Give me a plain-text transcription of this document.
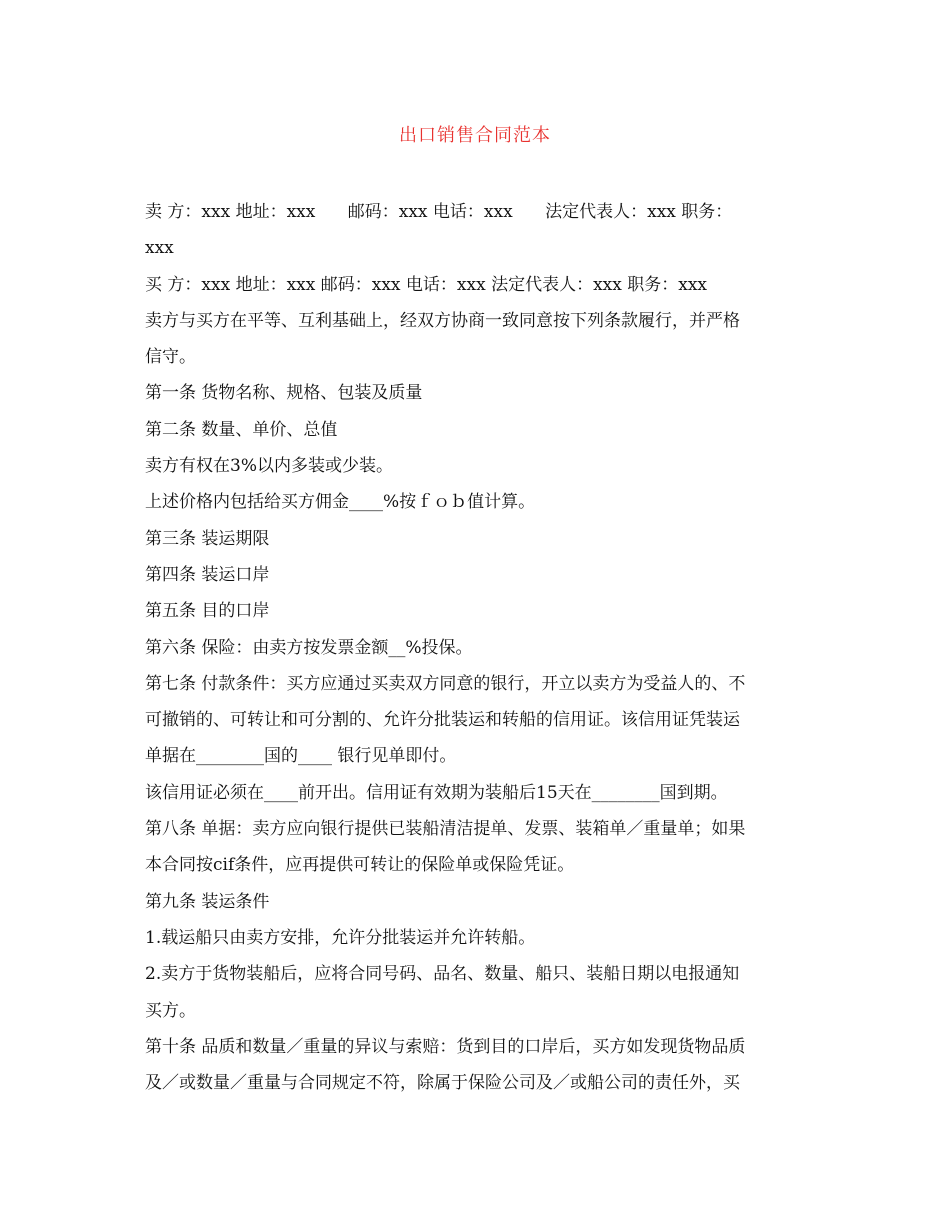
出口销售合同范本
卖 方：xxx 地址：xxx      邮码：xxx 电话：xxx      法定代表人：xxx 职务：
xxx
买 方：xxx 地址：xxx 邮码：xxx 电话：xxx 法定代表人：xxx 职务：xxx
卖方与买方在平等、互利基础上，经双方协商一致同意按下列条款履行，并严格
信守。
第一条 货物名称、规格、包装及质量
第二条 数量、单价、总值
卖方有权在3%以内多装或少装。
上述价格内包括给买方佣金____%按ｆｏｂ值计算。
第三条 装运期限
第四条 装运口岸
第五条 目的口岸
第六条 保险：由卖方按发票金额__%投保。
第七条 付款条件：买方应通过买卖双方同意的银行，开立以卖方为受益人的、不
可撤销的、可转让和可分割的、允许分批装运和转船的信用证。该信用证凭装运
单据在________国的____ 银行见单即付。
该信用证必须在____前开出。信用证有效期为装船后15天在________国到期。
第八条 单据：卖方应向银行提供已装船清洁提单、发票、装箱单／重量单；如果
本合同按cif条件，应再提供可转让的保险单或保险凭证。
第九条 装运条件
1.载运船只由卖方安排，允许分批装运并允许转船。
2.卖方于货物装船后，应将合同号码、品名、数量、船只、装船日期以电报通知
买方。
第十条 品质和数量／重量的异议与索赔：货到目的口岸后，买方如发现货物品质
及／或数量／重量与合同规定不符，除属于保险公司及／或船公司的责任外，买
